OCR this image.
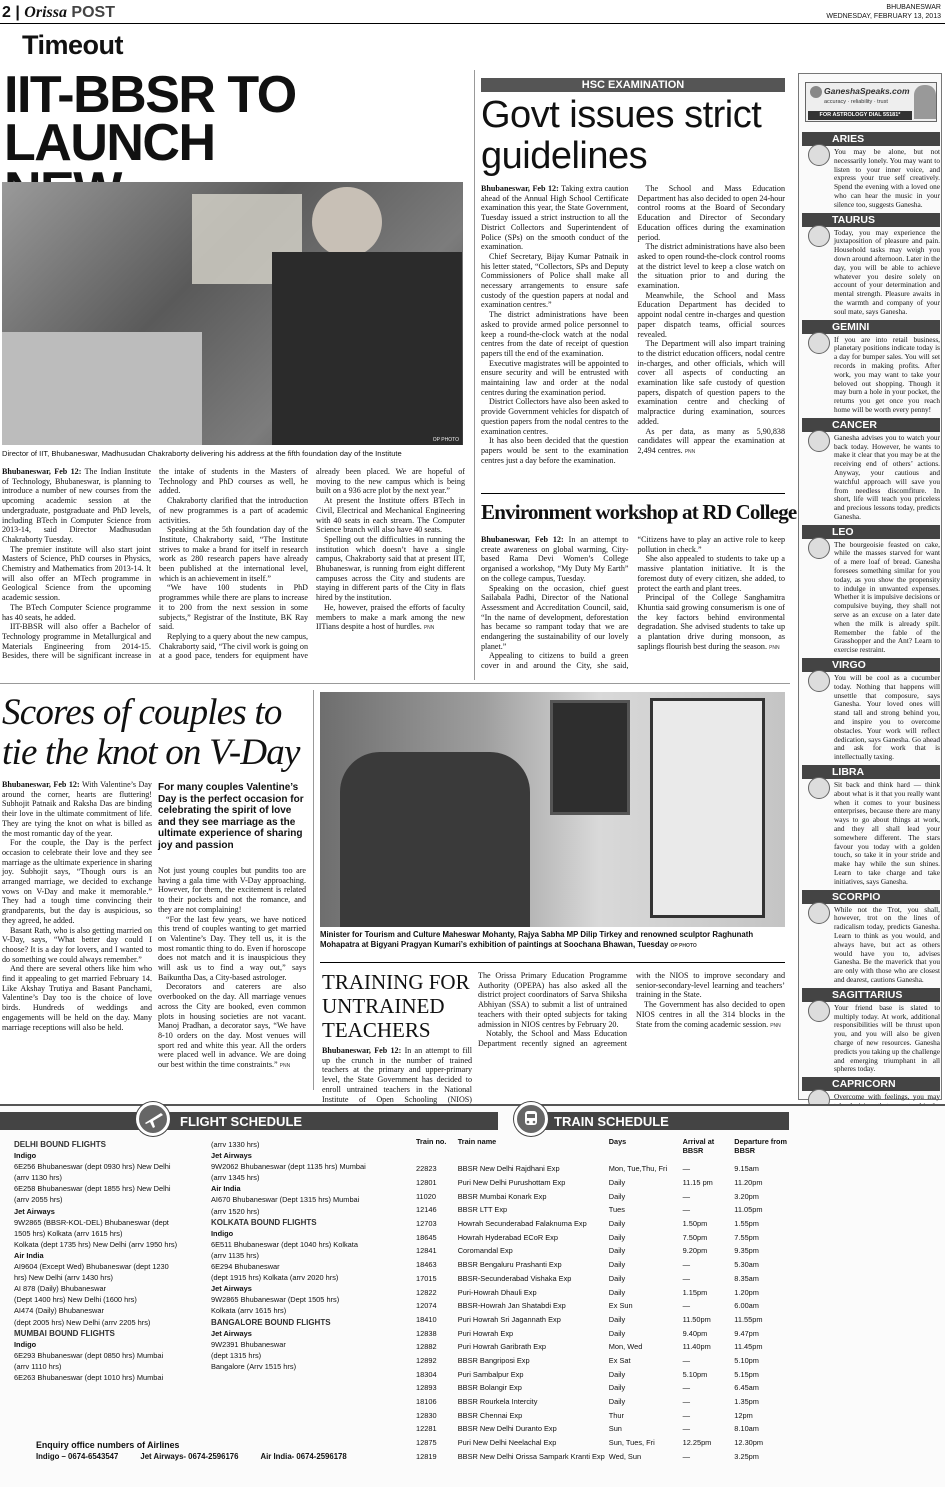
2 | Orissa POST	BHUBANESWAR
WEDNESDAY, FEBRUARY 13, 2013
Timeout
IIT-BBSR TO LAUNCH
OP PHOTO
Director of IIT, Bhubaneswar, Madhusudan Chakraborty delivering his address at the fifth foundation day of the Institute

Bhubaneswar, Feb 12: The Indian Institute of Technology, Bhubaneswar, is planning to introduce a number of new courses from the upcoming academic session at the undergraduate, postgraduate and PhD levels, including BTech in Computer Science from 2013-14, said Director Madhusudan Chakraborty Tuesday.

The premier institute will also start joint Masters of Science, PhD courses in Physics, Chemistry and Mathematics from 2013-14. It will also offer an MTech programme in Geological Science from the upcoming academic session.

The BTech Computer Science programme has 40 seats, he added.

IIT-BBSR will also offer a Bachelor of Technology programme in Metallurgical and Materials Engineering from 2014-15. Besides, there will be significant increase in the intake of students in the Masters of Technology and PhD courses as well, he added.

Chakraborty clarified that the introduction of new programmes is a part of academic activities.

Speaking at the 5th foundation day of the Institute, Chakraborty said, “The Institute strives to make a brand for itself in research work as 280 research papers have already been published at the international level, which is an achievement in itself.”

“We have 100 students in PhD programmes while there are plans to increase it to 200 from the next session in some subjects,” Registrar of the Institute, BK Ray said.

Replying to a query about the new campus, Chakraborty said, “The civil work is going on at a good pace, tenders for equipment have already been placed. We are hopeful of moving to the new campus which is being built on a 936 acre plot by the next year.”

At present the Institute offers BTech in Civil, Electrical and Mechanical Engineering with 40 seats in each stream. The Computer Science branch will also have 40 seats.

Spelling out the difficulties in running the institution which doesn’t have a single campus, Chakraborty said that at present IIT, Bhubaneswar, is running from eight different campuses across the City and students are staying in different parts of the City in flats hired by the institution.

He, however, praised the efforts of faculty members to make a mark among the new IITians despite a host of hurdles. PNN

HSC EXAMINATION
Govt issues strict guidelines

Bhubaneswar, Feb 12: Taking extra caution ahead of the Annual High School Certificate examination this year, the State Government, Tuesday issued a strict instruction to all the District Collectors and Superintendent of Police (SPs) on the smooth conduct of the examination.

Chief Secretary, Bijay Kumar Patnaik in his letter stated, “Collectors, SPs and Deputy Commissioners of Police shall make all necessary arrangements to ensure safe custody of the question papers at nodal and examination centres.”

The district administrations have been asked to provide armed police personnel to keep a round-the-clock watch at the nodal centres from the date of receipt of question papers till the end of the examination.

Executive magistrates will be appointed to ensure security and will be entrusted with maintaining law and order at the nodal centres during the examination period.

District Collectors have also been asked to provide Government vehicles for dispatch of question papers from the nodal centres to the examination centres.

It has also been decided that the question papers would be sent to the examination centres just a day before the examination.

The School and Mass Education Department has also decided to open 24-hour control rooms at the Board of Secondary Education and Director of Secondary Education offices during the examination period.

The district administrations have also been asked to open round-the-clock control rooms at the district level to keep a close watch on the situation prior to and during the examination.

Meanwhile, the School and Mass Education Department has decided to appoint nodal centre in-charges and question paper dispatch teams, official sources revealed.

The Department will also impart training to the district education officers, nodal centre in-charges, and other officials, which will cover all aspects of conducting an examination like safe custody of question papers, dispatch of question papers to the examination centre and checking of malpractice during examination, sources added.

As per data, as many as 5,90,838 candidates will appear the examination at 2,494 centres. PNN

Environment workshop at RD College

Bhubaneswar, Feb 12: In an attempt to create awareness on global warming, City-based Rama Devi Women’s College organised a workshop, “My Duty My Earth” on the college campus, Tuesday.

Speaking on the occasion, chief guest Sailabala Padhi, Director of the National Assessment and Accreditation Council, said, “In the name of development, deforestation has became so rampant today that we are endangering the sustainability of our lovely planet.”

Appealing to citizens to build a green cover in and around the City, she said, “Citizens have to play an active role to keep pollution in check.”

She also appealed to students to take up a massive plantation initiative. It is the foremost duty of every citizen, she added, to protect the earth and plant trees.

Principal of the College Sanghamitra Khuntia said growing consumerism is one of the key factors behind environmental degradation. She advised students to take up a plantation drive during monsoon, as saplings flourish best during the season. PNN

Scores of couples to
tie the knot on V-Day
For many couples Valentine’s Day is the perfect occasion for celebrating the spirit of love and they see marriage as the ultimate experience of sharing joy and passion

Bhubaneswar, Feb 12: With Valentine’s Day around the corner, hearts are fluttering! Subhojit Patnaik and Raksha Das are binding their love in the ultimate commitment of life. They are tying the knot on what is billed as the most romantic day of the year.

For the couple, the Day is the perfect occasion to celebrate their love and they see marriage as the ultimate experience in sharing joy. Subhojit says, “Though ours is an arranged marriage, we decided to exchange vows on V-Day and make it memorable.” They had a tough time convincing their grandparents, but the day is auspicious, so they agreed, he added.

Basant Rath, who is also getting married on V-Day, says, “What better day could I choose? It is a day for lovers, and I wanted to do something we could always remember.”

And there are several others like him who find it appealing to get married February 14. Like Akshay Trutiya and Basant Panchami, Valentine’s Day too is the choice of love birds. Hundreds of weddings and engagements will be held on the day. Many marriage receptions will also be held.

Not just young couples but pundits too are having a gala time with V-Day approaching. However, for them, the excitement is related to their pockets and not the romance, and they are not complaining!

“For the last few years, we have noticed this trend of couples wanting to get married on Valentine’s Day. They tell us, it is the most romantic thing to do. Even if horoscope does not match and it is inauspicious they will ask us to find a way out,” says Baikuntha Das, a City-based astrologer.

Decorators and caterers are also overbooked on the day. All marriage venues across the City are booked, even common plots in housing societies are not vacant. Manoj Pradhan, a decorator says, “We have 8-10 orders on the day. Most venues will sport red and white this year. All the orders were placed well in advance. We are doing our best within the time constraints.” PNN

Minister for Tourism and Culture Maheswar Mohanty, Rajya Sabha MP Dilip Tirkey and renowned sculptor Raghunath Mohapatra at Bigyani Pragyan Kumari’s exhibition of paintings at Soochana Bhawan, Tuesday OP PHOTO
TRAINING FOR
UNTRAINED
TEACHERS

Bhubaneswar, Feb 12: In an attempt to fill up the crunch in the number of trained teachers at the primary and upper-primary level, the State Government has decided to enroll untrained teachers in the National Institute of Open Schooling (NIOS)

The Orissa Primary Education Programme Authority (OPEPA) has also asked all the district project coordinators of Sarva Shiksha Abhiyan (SSA) to submit a list of untrained teachers with their opted subjects for taking admission in NIOS centres by February 20.

Notably, the School and Mass Education Department recently signed an agreement with the NIOS to improve secondary and senior-secondary-level learning and teachers’ training in the State.

The Government has also decided to open NIOS centres in all the 314 blocks in the State from the coming academic session. PNN

GaneshaSpeaks.com
accuracy · reliability · trust
FOR ASTROLOGY DIAL 55181*
ARIES
You may be alone, but not necessarily lonely. You may want to listen to your inner voice, and express your true self creatively. Spend the evening with a loved one who can hear the music in your silence too, suggests Ganesha.
TAURUS
Today, you may experience the juxtaposition of pleasure and pain. Household tasks may weigh you down around afternoon. Later in the day, you will be able to achieve whatever you desire solely on account of your determination and mental strength. Pleasure awaits in the warmth and company of your soul mate, says Ganesha.
GEMINI
If you are into retail business, planetary positions indicate today is a day for bumper sales. You will set records in making profits. After work, you may want to take your beloved out shopping. Though it may burn a hole in your pocket, the returns you get once you reach home will be worth every penny!
CANCER
Ganesha advises you to watch your back today. However, he wants to make it clear that you may be at the receiving end of others’ actions. Anyway, your cautious and watchful approach will save you from needless discomfiture. In short, life will teach you priceless and precious lessons today, predicts Ganesha.
LEO
The bourgeoisie feasted on cake, while the masses starved for want of a mere loaf of bread. Ganesha foresees something similar for you today, as you show the propensity to indulge in unwanted expenses. Whether it is impulsive decisions or compulsive buying, they shall not serve as an excuse on a later date when the milk is already spilt. Remember the fable of the Grasshopper and the Ant? Learn to exercise restraint.
VIRGO
You will be cool as a cucumber today. Nothing that happens will unsettle that composure, says Ganesha. Your loved ones will stand tall and strong behind you, and inspire you to overcome obstacles. Your work will reflect dedication, says Ganesha. Go ahead and ask for work that is intellectually taxing.
LIBRA
Sit back and think hard — think about what is it that you really want when it comes to your business enterprises, because there are many ways to go about things at work, and they all shall lead your somewhere different. The stars favour you today with a golden touch, so take it in your stride and make hay while the sun shines. Learn to take charge and take initiatives, says Ganesha.
SCORPIO
While not the Trot, you shall, however, trot on the lines of radicalism today, predicts Ganesha. Learn to think as you would, and always have, but act as others would have you to, advises Ganesha. Be the maverick that you are only with those who are closest and dearest, cautions Ganesha.
SAGITTARIUS
Your friend base is slated to multiply today. At work, additional responsibilities will be thrust upon you, and you will also be given charge of new resources. Ganesha predicts you taking up the challenge and emerging triumphant in all spheres today.
CAPRICORN
Overcome with feelings, you may
FLIGHT SCHEDULE
DELHI BOUND FLIGHTS
Indigo
6E256 Bhubaneswar (dept 0930 hrs) New Delhi
(arrv 1130 hrs)
6E258 Bhubaneswar (dept 1855 hrs) New Delhi
(arrv 2055 hrs)
Jet Airways
9W2865 (BBSR-KOL-DEL) Bhubaneswar (dept
1505 hrs) Kolkata (arrv 1615 hrs)
Kolkata (dept 1735 hrs) New Delhi (arrv 1950 hrs)
Air India
AI9604 (Except Wed) Bhubaneswar (dept 1230
hrs) New Delhi (arrv 1430 hrs)
AI 878 (Daily) Bhubaneswar
(Dept 1400 hrs) New Delhi (1600 hrs)
AI474 (Daily) Bhubaneswar
(dept 2005 hrs) New Delhi (arrv 2205 hrs)
MUMBAI BOUND FLIGHTS
Indigo
6E293 Bhubaneswar (dept 0850 hrs) Mumbai
(arrv 1110 hrs)
6E263 Bhubaneswar (dept 1010 hrs) Mumbai
(arrv 1330 hrs)
Jet Airways
9W2062 Bhubaneswar (dept 1135 hrs) Mumbai
(arrv 1345 hrs)
Air India
AI670 Bhubaneswar (Dept 1315 hrs) Mumbai
(arrv 1520 hrs)
KOLKATA BOUND FLIGHTS
Indigo
6E511 Bhubaneswar (dept 1040 hrs) Kolkata
(arrv 1135 hrs)
6E294 Bhubaneswar
(dept 1915 hrs) Kolkata (arrv 2020 hrs)
Jet Airways
9W2865 Bhubaneswar (Dept 1505 hrs)
Kolkata (arrv 1615 hrs)
BANGALORE BOUND FLIGHTS
Jet Airways
9W2391 Bhubaneswar
(dept 1315 hrs)
Bangalore (Arrv 1515 hrs)
Enquiry office numbers of Airlines
Indigo – 0674-6543547	Jet Airways- 0674-2596176	Air India- 0674-2596178
TRAIN SCHEDULE
Train no.	Train name	Days	Arrival at BBSR	Departure from BBSR
22823	BBSR New Delhi Rajdhani Exp	Mon, Tue,Thu, Fri	—	9.15am
12801	Puri New Delhi Purushottam Exp	Daily	11.15 pm	11.20pm
11020	BBSR Mumbai Konark Exp	Daily	—	3.20pm
12146	BBSR LTT Exp	Tues	—	11.05pm
12703	Howrah Secunderabad Falaknuma Exp	Daily	1.50pm	1.55pm
18645	Howrah Hyderabad ECoR Exp	Daily	7.50pm	7.55pm
12841	Coromandal Exp	Daily	9.20pm	9.35pm
18463	BBSR Bengaluru Prashanti Exp	Daily	—	5.30am
17015	BBSR-Secunderabad Vishaka Exp	Daily	—	8.35am
12822	Puri-Howrah Dhauli Exp	Daily	1.15pm	1.20pm
12074	BBSR-Howrah Jan Shatabdi Exp	Ex Sun	—	6.00am
18410	Puri Howrah Sri Jagannath Exp	Daily	11.50pm	11.55pm
12838	Puri Howrah Exp	Daily	9.40pm	9.47pm
12882	Puri Howrah Garibrath Exp	Mon, Wed	11.40pm	11.45pm
12892	BBSR Bangriposi Exp	Ex Sat	—	5.10pm
18304	Puri Sambalpur Exp	Daily	5.10pm	5.15pm
12893	BBSR Bolangir Exp	Daily	—	6.45am
18106	BBSR Rourkela Intercity	Daily	—	1.35pm
12830	BBSR Chennai Exp	Thur	—	12pm
12281	BBSR New Delhi Duranto Exp	Sun	—	8.10am
12875	Puri New Delhi Neelachal Exp	Sun, Tues, Fri	12.25pm	12.30pm
12819	BBSR New Delhi Orissa Sampark Kranti Exp	Wed, Sun	—	3.25pm
